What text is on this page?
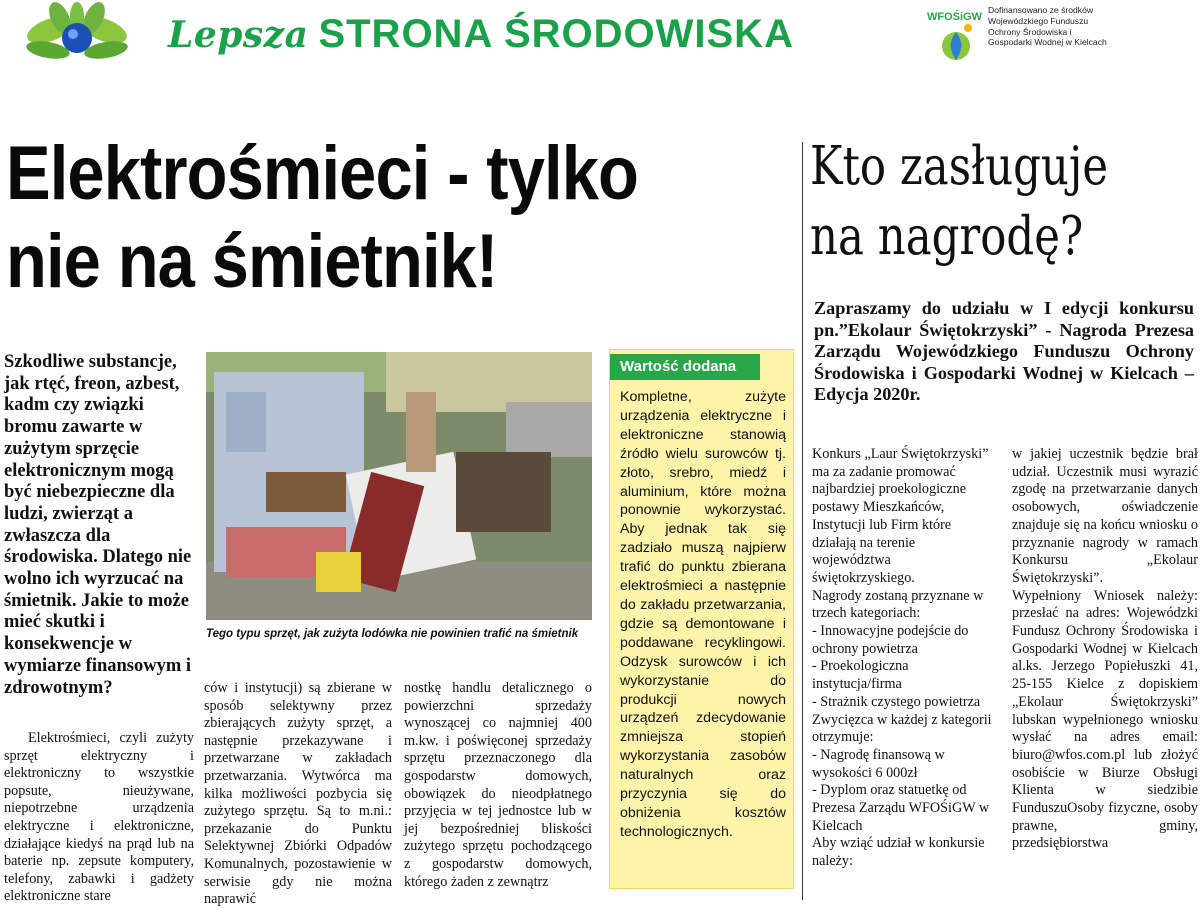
Lepsza STRONA ŚRODOWISKA	WFOŚiGW
Dofinansowano ze środków Wojewódzkiego Funduszu Ochrony Środowiska i Gospodarki Wodnej w Kielcach
Elektrośmieci - tylko
nie na śmietnik!
Szkodliwe substancje, jak rtęć, freon, azbest, kadm czy związki bromu zawarte w zużytym sprzęcie elektronicznym mogą być niebezpieczne dla ludzi, zwierząt a zwłaszcza dla środowiska. Dlatego nie wolno ich wyrzucać na śmietnik. Jakie to może mieć skutki i konsekwencje w wymiarze finansowym i zdrowotnym?
Tego typu sprzęt, jak zużyta lodówka nie powinien trafić na śmietnik
Elektrośmieci, czyli zużyty sprzęt elektryczny i elektroniczny to wszystkie popsute, nieużywane, niepotrzebne urządzenia elektryczne i elektroniczne, działające kiedyś na prąd lub na baterie np. zepsute komputery, telefony, zabawki i gadżety elektroniczne stare
ców i instytucji) są zbierane w sposób selektywny przez zbierających zużyty sprzęt, a następnie przekazywane i przetwarzane w zakładach przetwarzania. Wytwórca ma kilka możliwości pozbycia się zużytego sprzętu. Są to m.ni.: przekazanie do Punktu Selektywnej Zbiórki Odpadów Komunalnych, pozostawienie w serwisie gdy nie można naprawić
nostkę handlu detalicznego o powierzchni sprzedaży wynoszącej co najmniej 400 m.kw. i poświęconej sprzedaży sprzętu przeznaczonego dla gospodarstw domowych, obowiązek do nieodpłatnego przyjęcia w tej jednostce lub w jej bezpośredniej bliskości zużytego sprzętu pochodzącego z gospodarstw domowych, którego żaden z zewnątrz
Wartość dodana
Kompletne, zużyte urządzenia elektryczne i elektroniczne stanowią źródło wielu surowców tj. złoto, srebro, miedź i aluminium, które można ponownie wykorzystać. Aby jednak tak się zadziało muszą najpierw trafić do punktu zbierana elektrośmieci a następnie do zakładu przetwarzania, gdzie są demontowane i poddawane recyklingowi. Odzysk surowców i ich wykorzystanie do produkcji nowych urządzeń zdecydowanie zmniejsza stopień wykorzystania zasobów naturalnych oraz przyczynia się do obniżenia kosztów technologicznych.
Kto zasługuje
na nagrodę?
Zapraszamy do udziału w I edycji konkursu pn.”Ekolaur Świętokrzyski” - Nagroda Prezesa Zarządu Wojewódzkiego Funduszu Ochrony Środowiska i Gospodarki Wodnej w Kielcach – Edycja 2020r.
Konkurs „Laur Świętokrzyski” ma za zadanie promować najbardziej proekologiczne postawy Mieszkańców, Instytucji lub Firm które działają na terenie województwa świętokrzyskiego.
Nagrody zostaną przyznane w trzech kategoriach:
- Innowacyjne podejście do ochrony powietrza
- Proekologiczna instytucja/firma
- Strażnik czystego powietrza
Zwycięzca w każdej z kategorii otrzymuje:
- Nagrodę finansową w wysokości 6 000zł
- Dyplom oraz statuetkę od Prezesa Zarządu WFOŚiGW w Kielcach
Aby wziąć udział w konkursie należy:
w jakiej uczestnik będzie brał udział. Uczestnik musi wyrazić zgodę na przetwarzanie danych osobowych, oświadczenie znajduje się na końcu wniosku o przyznanie nagrody w ramach Konkursu „Ekolaur Świętokrzyski”.
Wypełniony Wniosek należy: przesłać na adres: Wojewódzki Fundusz Ochrony Środowiska i Gospodarki Wodnej w Kielcach al.ks. Jerzego Popiełuszki 41, 25-155 Kielce z dopiskiem „Ekolaur Świętokrzyski” lubskan wypełnionego wniosku wysłać na adres email: biuro@wfos.com.pl lub złożyć osobiście w Biurze Obsługi Klienta w siedzibie FunduszuOsoby fizyczne, osoby prawne, gminy, przedsiębiorstwa
